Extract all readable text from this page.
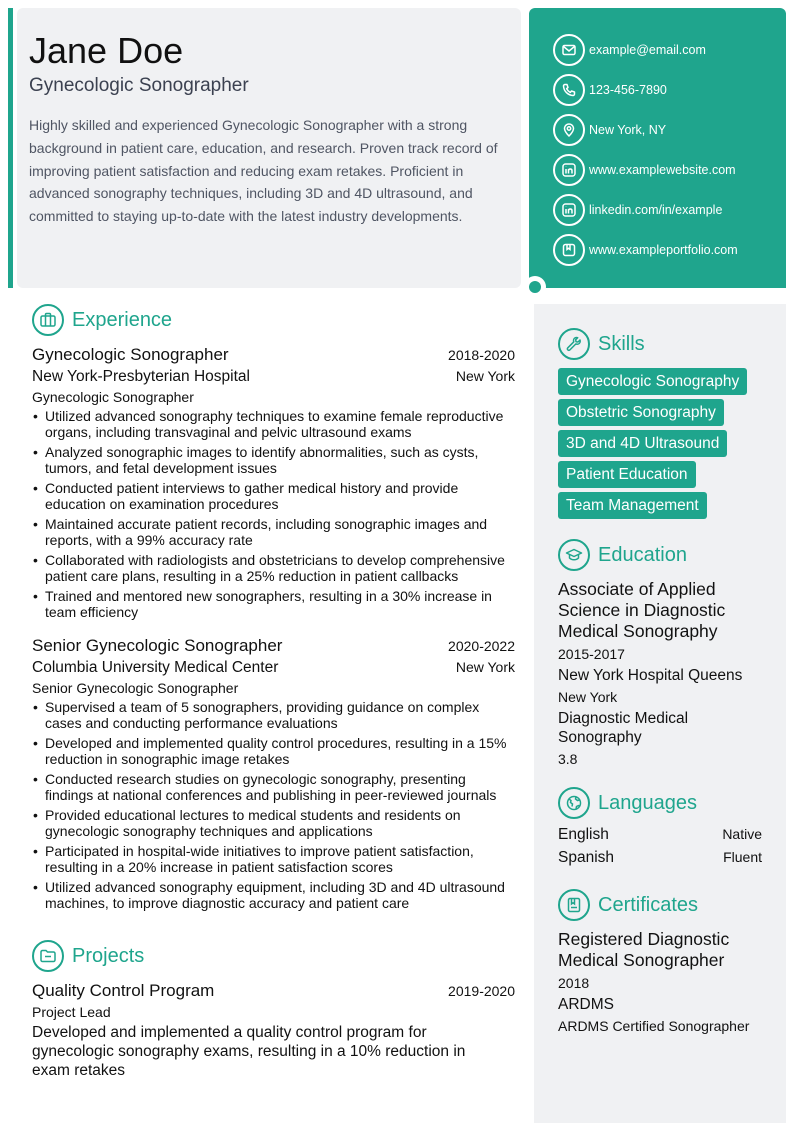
Jane Doe
Gynecologic Sonographer
Highly skilled and experienced Gynecologic Sonographer with a strong background in patient care, education, and research. Proven track record of improving patient satisfaction and reducing exam retakes. Proficient in advanced sonography techniques, including 3D and 4D ultrasound, and committed to staying up-to-date with the latest industry developments.
example@email.com
123-456-7890
New York, NY
www.examplewebsite.com
linkedin.com/in/example
www.exampleportfolio.com
Experience
Gynecologic Sonographer	2018-2020
New York-Presbyterian Hospital	New York
Gynecologic Sonographer
• Utilized advanced sonography techniques to examine female reproductive organs, including transvaginal and pelvic ultrasound exams
• Analyzed sonographic images to identify abnormalities, such as cysts, tumors, and fetal development issues
• Conducted patient interviews to gather medical history and provide education on examination procedures
• Maintained accurate patient records, including sonographic images and reports, with a 99% accuracy rate
• Collaborated with radiologists and obstetricians to develop comprehensive patient care plans, resulting in a 25% reduction in patient callbacks
• Trained and mentored new sonographers, resulting in a 30% increase in team efficiency
Senior Gynecologic Sonographer	2020-2022
Columbia University Medical Center	New York
Senior Gynecologic Sonographer
• Supervised a team of 5 sonographers, providing guidance on complex cases and conducting performance evaluations
• Developed and implemented quality control procedures, resulting in a 15% reduction in sonographic image retakes
• Conducted research studies on gynecologic sonography, presenting findings at national conferences and publishing in peer-reviewed journals
• Provided educational lectures to medical students and residents on gynecologic sonography techniques and applications
• Participated in hospital-wide initiatives to improve patient satisfaction, resulting in a 20% increase in patient satisfaction scores
• Utilized advanced sonography equipment, including 3D and 4D ultrasound machines, to improve diagnostic accuracy and patient care
Projects
Quality Control Program	2019-2020
Project Lead
Developed and implemented a quality control program for gynecologic sonography exams, resulting in a 10% reduction in exam retakes
Skills
Gynecologic Sonography
Obstetric Sonography
3D and 4D Ultrasound
Patient Education
Team Management
Education
Associate of Applied Science in Diagnostic Medical Sonography
2015-2017
New York Hospital Queens
New York
Diagnostic Medical Sonography
3.8
Languages
English	Native
Spanish	Fluent
Certificates
Registered Diagnostic Medical Sonographer
2018
ARDMS
ARDMS Certified Sonographer
